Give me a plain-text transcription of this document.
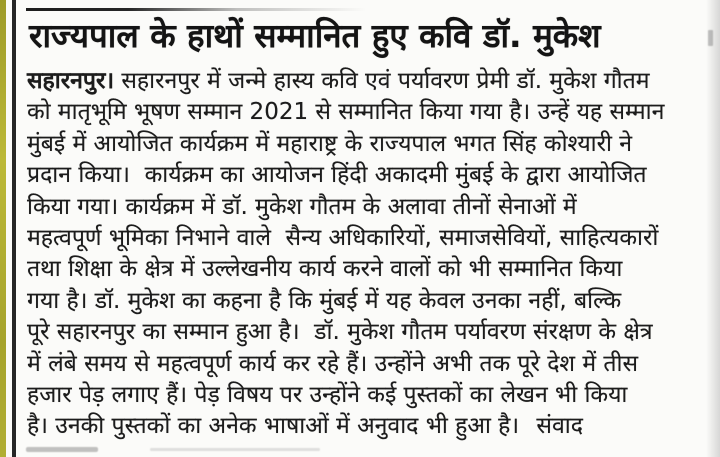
राज्यपाल के हाथों सम्मानित हुए कवि डॉ. मुकेश
सहारनपुर। सहारनपुर में जन्मे हास्य कवि एवं पर्यावरण प्रेमी डॉ. मुकेश गौतम
को मातृभूमि भूषण सम्मान 2021 से सम्मानित किया गया है। उन्हें यह सम्मान
मुंबई में आयोजित कार्यक्रम में महाराष्ट्र के राज्यपाल भगत सिंह कोश्यारी ने
प्रदान किया।  कार्यक्रम का आयोजन हिंदी अकादमी मुंबई के द्वारा आयोजित
किया गया। कार्यक्रम में डॉ. मुकेश गौतम के अलावा तीनों सेनाओं में
महत्वपूर्ण भूमिका निभाने वाले  सैन्य अधिकारियों, समाजसेवियों, साहित्यकारों
तथा शिक्षा के क्षेत्र में उल्लेखनीय कार्य करने वालों को भी सम्मानित किया
गया है। डॉ. मुकेश का कहना है कि मुंबई में यह केवल उनका नहीं, बल्कि
पूरे सहारनपुर का सम्मान हुआ है।  डॉ. मुकेश गौतम पर्यावरण संरक्षण के क्षेत्र
में लंबे समय से महत्वपूर्ण कार्य कर रहे हैं। उन्होंने अभी तक पूरे देश में तीस
हजार पेड़ लगाए हैं। पेड़ विषय पर उन्होंने कई पुस्तकों का लेखन भी किया
है। उनकी पुस्तकों का अनेक भाषाओं में अनुवाद भी हुआ है। संवाद
